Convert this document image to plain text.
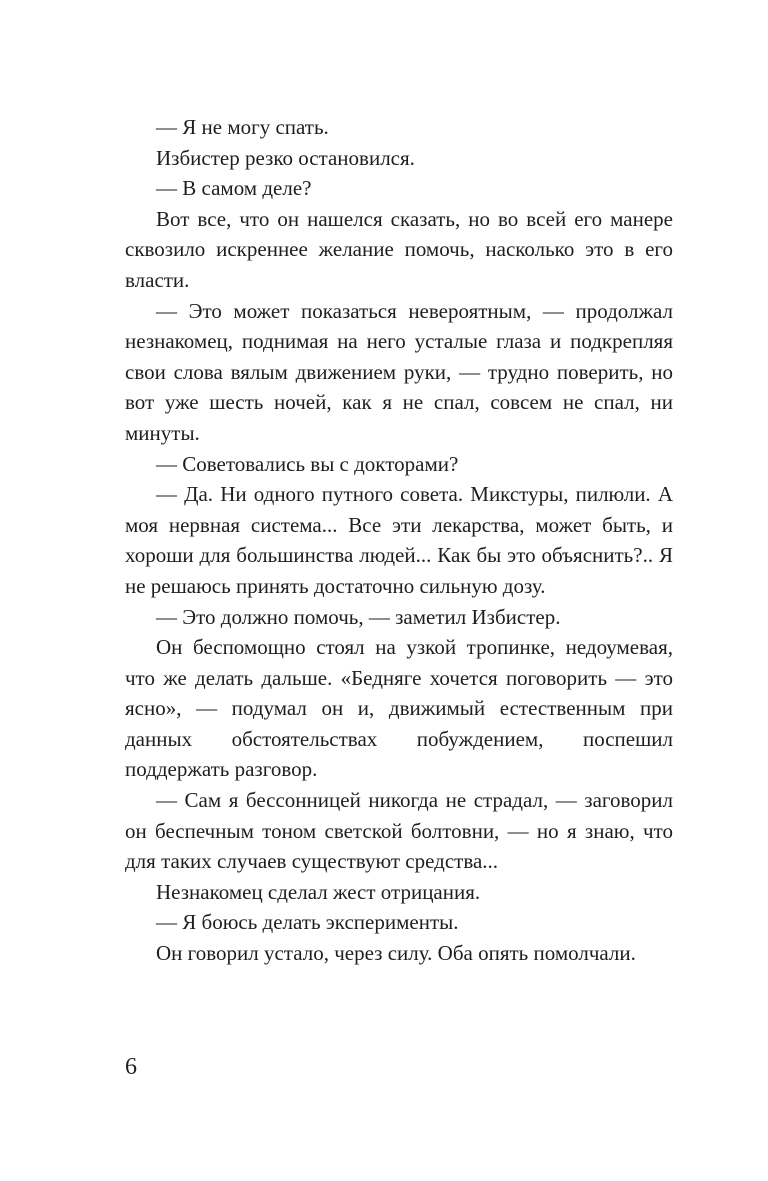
— Я не могу спать.

Избистер резко остановился.

— В самом деле?

Вот все, что он нашелся сказать, но во всей его манере сквозило искреннее желание помочь, насколько это в его власти.

— Это может показаться невероятным, — продолжал незнакомец, поднимая на него усталые глаза и подкрепляя свои слова вялым движением руки, — трудно поверить, но вот уже шесть ночей, как я не спал, совсем не спал, ни минуты.

— Советовались вы с докторами?

— Да. Ни одного путного совета. Микстуры, пилюли. А моя нервная система... Все эти лекарства, может быть, и хороши для большинства людей... Как бы это объяснить?.. Я не решаюсь принять достаточно сильную дозу.

— Это должно помочь, — заметил Избистер.

Он беспомощно стоял на узкой тропинке, недоумевая, что же делать дальше. «Бедняге хочется поговорить — это ясно», — подумал он и, движимый естественным при данных обстоятельствах побуждением, поспешил поддержать разговор.

— Сам я бессонницей никогда не страдал, — заговорил он беспечным тоном светской болтовни, — но я знаю, что для таких случаев существуют средства...

Незнакомец сделал жест отрицания.

— Я боюсь делать эксперименты.

Он говорил устало, через силу. Оба опять помолчали.

6
